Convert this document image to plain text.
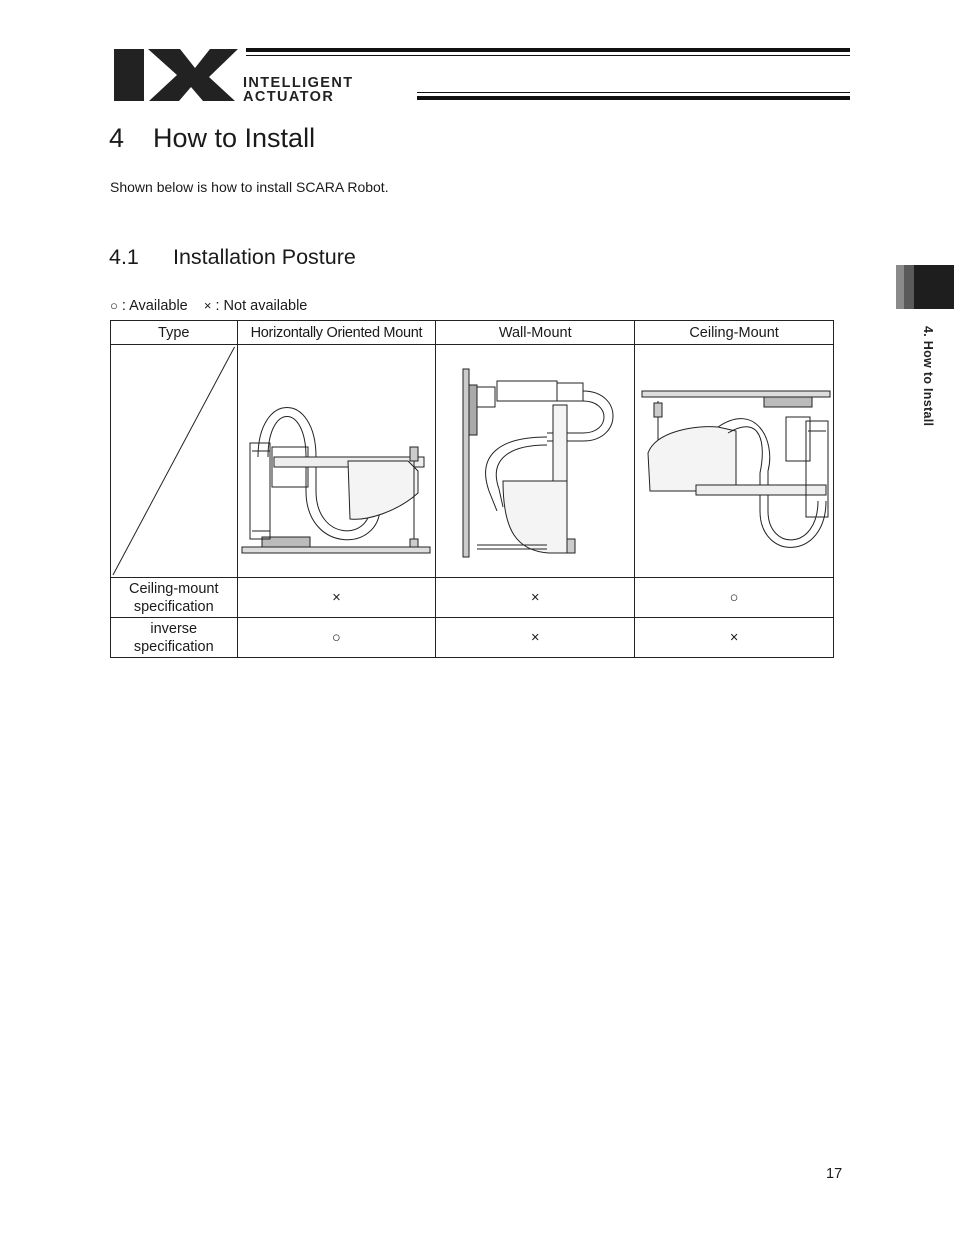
INTELLIGENT
ACTUATOR
4 How to Install
Shown below is how to install SCARA Robot.
4.1 Installation Posture
○ : Available × : Not available
4. How to Install
Type	Horizontally Oriented Mount	Wall-Mount	Ceiling-Mount

Ceiling-mount
specification	×	×	○

inverse
specification	○	×	×
17
